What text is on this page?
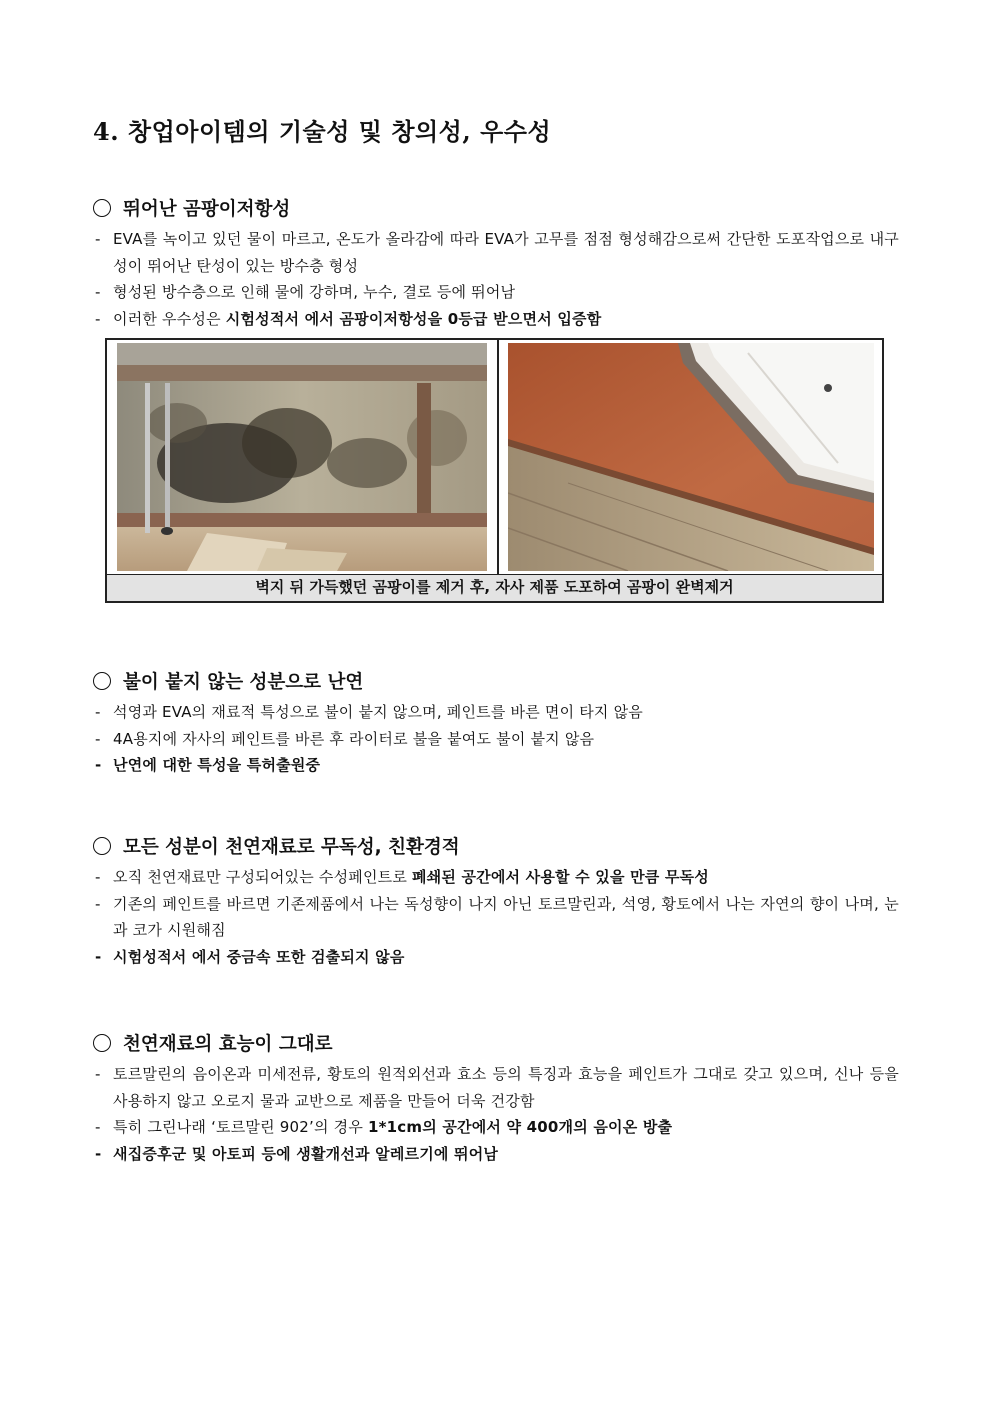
4. 창업아이템의 기술성 및 창의성, 우수성
뛰어난 곰팡이저항성
- EVA를 녹이고 있던 물이 마르고, 온도가 올라감에 따라 EVA가 고무를 점점 형성해감으로써 간단한 도포작업으로 내구성이 뛰어난 탄성이 있는 방수층 형성
- 형성된 방수층으로 인해 물에 강하며, 누수, 결로 등에 뛰어남
- 이러한 우수성은 시험성적서 에서 곰팡이저항성을 0등급 받으면서 입증함
벽지 뒤 가득했던 곰팡이를 제거 후, 자사 제품 도포하여 곰팡이 완벽제거
불이 붙지 않는 성분으로 난연
- 석영과 EVA의 재료적 특성으로 불이 붙지 않으며, 페인트를 바른 면이 타지 않음
- 4A용지에 자사의 페인트를 바른 후 라이터로 불을 붙여도 불이 붙지 않음
- 난연에 대한 특성을 특허출원중
모든 성분이 천연재료로 무독성, 친환경적
- 오직 천연재료만 구성되어있는 수성페인트로 폐쇄된 공간에서 사용할 수 있을 만큼 무독성
- 기존의 페인트를 바르면 기존제품에서 나는 독성향이 나지 아닌 토르말린과, 석영, 황토에서 나는 자연의 향이 나며, 눈과 코가 시원해짐
- 시험성적서 에서 중금속 또한 검출되지 않음
천연재료의 효능이 그대로
- 토르말린의 음이온과 미세전류, 황토의 원적외선과 효소 등의 특징과 효능을 페인트가 그대로 갖고 있으며, 신나 등을 사용하지 않고 오로지 물과 교반으로 제품을 만들어 더욱 건강함
- 특히 그린나래 ‘토르말린 902’의 경우 1*1cm의 공간에서 약 400개의 음이온 방출
- 새집증후군 및 아토피 등에 생활개선과 알레르기에 뛰어남
